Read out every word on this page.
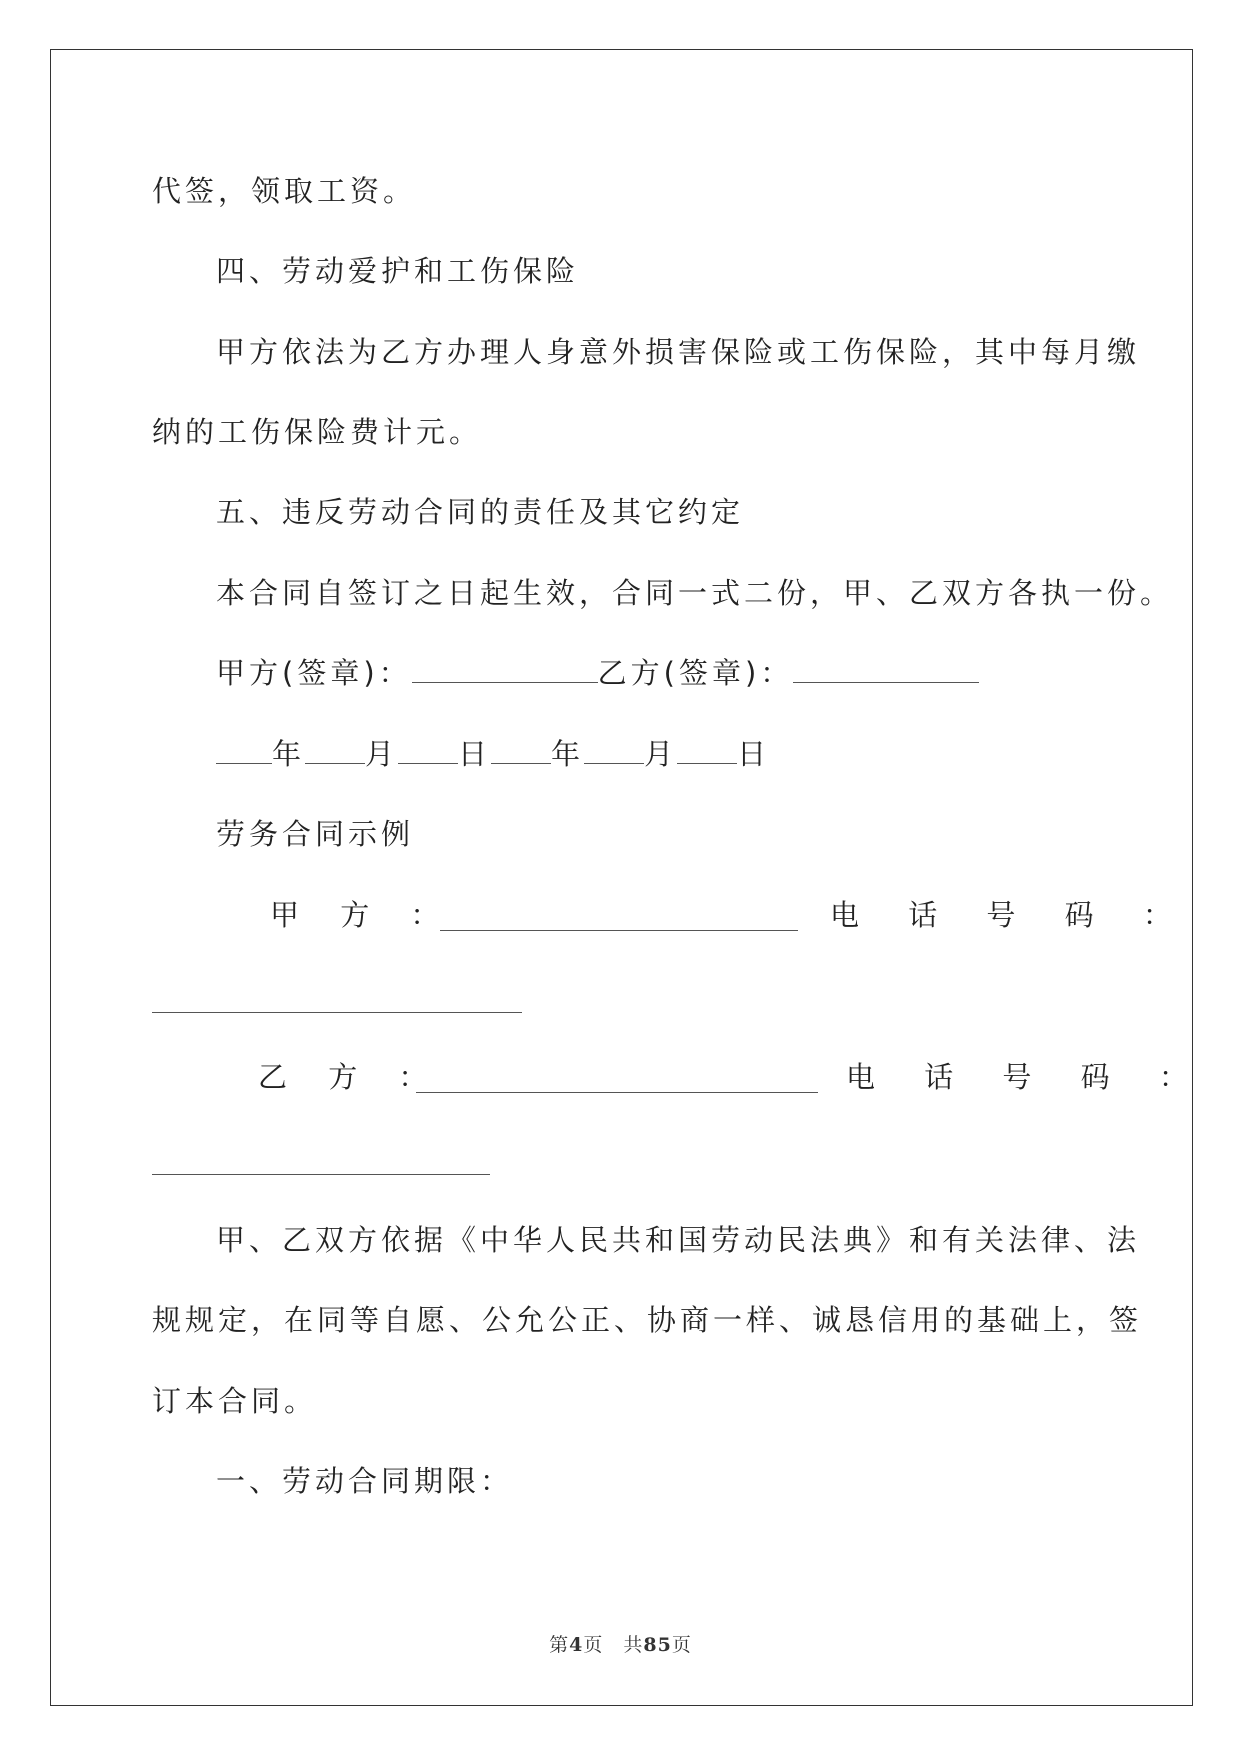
代签，领取工资。
四、劳动爱护和工伤保险
甲方依法为乙方办理人身意外损害保险或工伤保险，其中每月缴
纳的工伤保险费计元。
五、违反劳动合同的责任及其它约定
本合同自签订之日起生效，合同一式二份，甲、乙双方各执一份。
甲方(签章)：	乙方(签章)：
年 月 日 年 月 日
劳务合同示例
甲 方 ：	电 话 号 码 ：
乙 方 ：	电 话 号 码 ：
甲、乙双方依据《中华人民共和国劳动民法典》和有关法律、法
规规定，在同等自愿、公允公正、协商一样、诚恳信用的基础上，签
订本合同。
一、劳动合同期限：
第4页　共85页
